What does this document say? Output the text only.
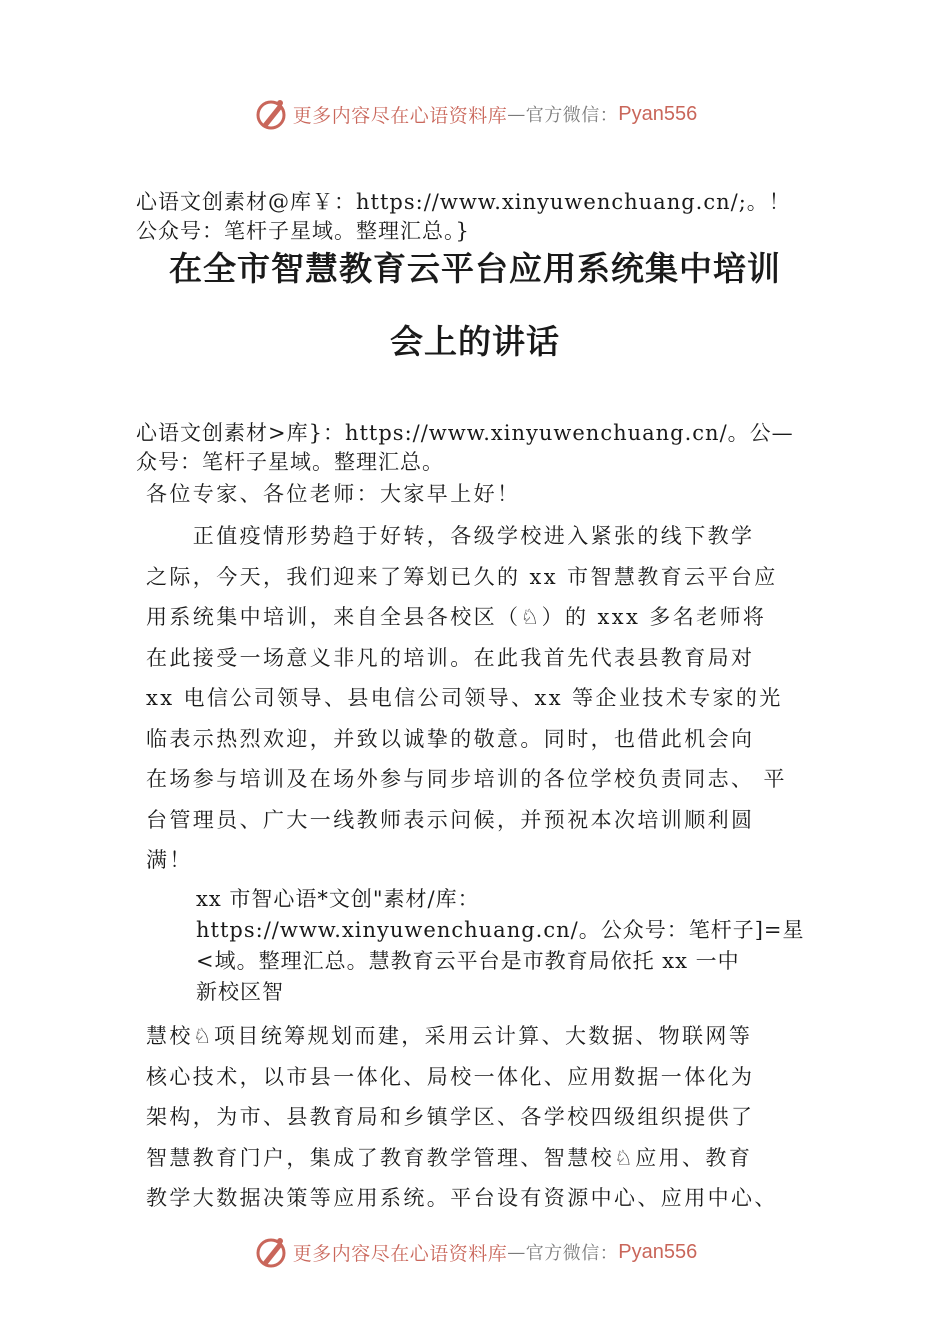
更多内容尽在心语资料库 — 官方微信： Pyan556
心语文创素材@库￥：https://www.xinyuwenchuang.cn/;。！
公众号：笔杆子星域。整理汇总。}
在全市智慧教育云平台应用系统集中培训
会上的讲话
心语文创素材>库}：https://www.xinyuwenchuang.cn/。公—
众号：笔杆子星域。整理汇总。
各位专家、各位老师：大家早上好！
　　正值疫情形势趋于好转，各级学校进入紧张的线下教学
之际，今天，我们迎来了筹划已久的 xx 市智慧教育云平台应
用系统集中培训，来自全县各校区（♘）的 xxx 多名老师将
在此接受一场意义非凡的培训。在此我首先代表县教育局对
xx 电信公司领导、县电信公司领导、xx 等企业技术专家的光
临表示热烈欢迎，并致以诚挚的敬意。同时，也借此机会向
在场参与培训及在场外参与同步培训的各位学校负责同志、 平
台管理员、广大一线教师表示问候，并预祝本次培训顺利圆
满！
xx 市智心语*文创"素材/库：
https://www.xinyuwenchuang.cn/。公众号：笔杆子]=星
<域。整理汇总。慧教育云平台是市教育局依托 xx 一中
新校区智
慧校♘项目统筹规划而建，采用云计算、大数据、物联网等
核心技术，以市县一体化、局校一体化、应用数据一体化为
架构，为市、县教育局和乡镇学区、各学校四级组织提供了
智慧教育门户，集成了教育教学管理、智慧校♘应用、教育
教学大数据决策等应用系统。平台设有资源中心、应用中心、
更多内容尽在心语资料库 — 官方微信： Pyan556
